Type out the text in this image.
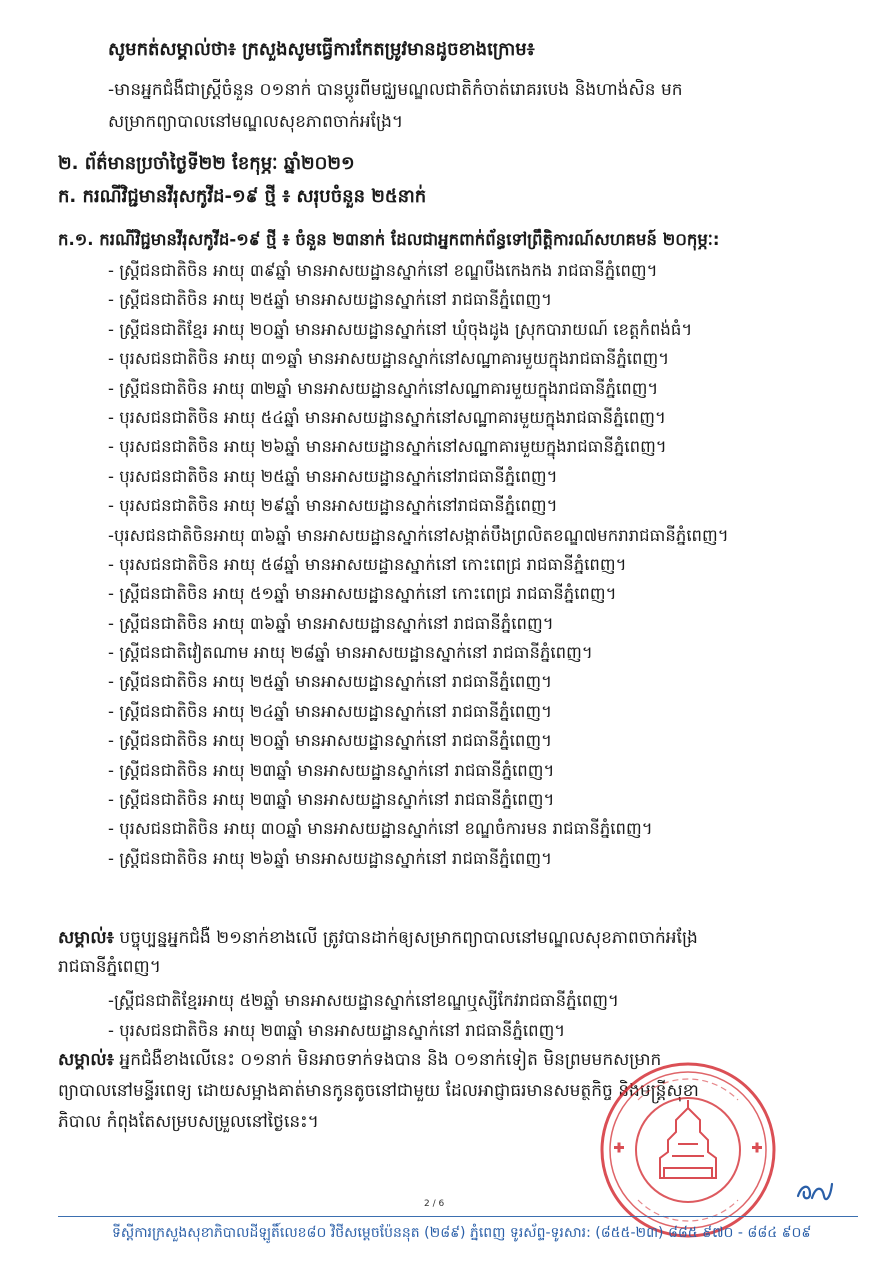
សូមកត់សម្គាល់ថា៖ ក្រសួងសូមធ្វើការកែតម្រូវមានដូចខាងក្រោម៖
-មានអ្នកជំងឺជាស្ត្រីចំនួន ០១នាក់ បានប្តូរពីមជ្ឈមណ្ឌលជាតិកំចាត់រោគរបេង និងហាង់សិន មក
សម្រាកព្យាបាលនៅមណ្ឌលសុខភាពចាក់អង្រែ។
២. ព័ត៌មានប្រចាំថ្ងៃទី២២ ខែកុម្ភៈ ឆ្នាំ២០២១
ក. ករណីវិជ្ជមានវីរុសកូវីដ-១៩ ថ្មី ៖ សរុបចំនួន ២៥នាក់
ក.១. ករណីវិជ្ជមានវីរុសកូវីដ-១៩ ថ្មី ៖ ចំនួន ២៣នាក់ ដែលជាអ្នកពាក់ព័ន្ធទៅព្រឹត្តិការណ៍សហគមន៍ ២០កុម្ភៈ:
- ស្ត្រីជនជាតិចិន អាយុ ៣៩ឆ្នាំ មានអាសយដ្ឋានស្នាក់នៅ ខណ្ឌបឹងកេងកង រាជធានីភ្នំពេញ។
- ស្ត្រីជនជាតិចិន អាយុ ២៥ឆ្នាំ មានអាសយដ្ឋានស្នាក់នៅ រាជធានីភ្នំពេញ។
- ស្ត្រីជនជាតិខ្មែរ អាយុ ២០ឆ្នាំ មានអាសយដ្ឋានស្នាក់នៅ ឃុំចុងដូង ស្រុកបារាយណ៍ ខេត្តកំពង់ធំ។
- បុរសជនជាតិចិន អាយុ ៣១ឆ្នាំ មានអាសយដ្ឋានស្នាក់នៅសណ្ឋាគារមួយក្នុងរាជធានីភ្នំពេញ។
- ស្ត្រីជនជាតិចិន អាយុ ៣២ឆ្នាំ មានអាសយដ្ឋានស្នាក់នៅសណ្ឋាគារមួយក្នុងរាជធានីភ្នំពេញ។
- បុរសជនជាតិចិន អាយុ ៥៤ឆ្នាំ មានអាសយដ្ឋានស្នាក់នៅសណ្ឋាគារមួយក្នុងរាជធានីភ្នំពេញ។
- បុរសជនជាតិចិន អាយុ ២៦ឆ្នាំ មានអាសយដ្ឋានស្នាក់នៅសណ្ឋាគារមួយក្នុងរាជធានីភ្នំពេញ។
- បុរសជនជាតិចិន អាយុ ២៥ឆ្នាំ មានអាសយដ្ឋានស្នាក់នៅរាជធានីភ្នំពេញ។
- បុរសជនជាតិចិន អាយុ ២៩ឆ្នាំ មានអាសយដ្ឋានស្នាក់នៅរាជធានីភ្នំពេញ។
-បុរសជនជាតិចិនអាយុ ៣៦ឆ្នាំ មានអាសយដ្ឋានស្នាក់នៅសង្កាត់បឹងព្រលិតខណ្ឌ៧មករារាជធានីភ្នំពេញ។
- បុរសជនជាតិចិន អាយុ ៥៨ឆ្នាំ មានអាសយដ្ឋានស្នាក់នៅ កោះពេជ្រ រាជធានីភ្នំពេញ។
- ស្ត្រីជនជាតិចិន អាយុ ៥១ឆ្នាំ មានអាសយដ្ឋានស្នាក់នៅ កោះពេជ្រ រាជធានីភ្នំពេញ។
- ស្ត្រីជនជាតិចិន អាយុ ៣៦ឆ្នាំ មានអាសយដ្ឋានស្នាក់នៅ រាជធានីភ្នំពេញ។
- ស្ត្រីជនជាតិវៀតណាម អាយុ ២៨ឆ្នាំ មានអាសយដ្ឋានស្នាក់នៅ រាជធានីភ្នំពេញ។
- ស្ត្រីជនជាតិចិន អាយុ ២៥ឆ្នាំ មានអាសយដ្ឋានស្នាក់នៅ រាជធានីភ្នំពេញ។
- ស្ត្រីជនជាតិចិន អាយុ ២៤ឆ្នាំ មានអាសយដ្ឋានស្នាក់នៅ រាជធានីភ្នំពេញ។
- ស្ត្រីជនជាតិចិន អាយុ ២០ឆ្នាំ មានអាសយដ្ឋានស្នាក់នៅ រាជធានីភ្នំពេញ។
- ស្ត្រីជនជាតិចិន អាយុ ២៣ឆ្នាំ មានអាសយដ្ឋានស្នាក់នៅ រាជធានីភ្នំពេញ។
- ស្ត្រីជនជាតិចិន អាយុ ២៣ឆ្នាំ មានអាសយដ្ឋានស្នាក់នៅ រាជធានីភ្នំពេញ។
- បុរសជនជាតិចិន អាយុ ៣០ឆ្នាំ មានអាសយដ្ឋានស្នាក់នៅ ខណ្ឌចំការមន រាជធានីភ្នំពេញ។
- ស្ត្រីជនជាតិចិន អាយុ ២៦ឆ្នាំ មានអាសយដ្ឋានស្នាក់នៅ រាជធានីភ្នំពេញ។
សម្គាល់៖ បច្ចុប្បន្នអ្នកជំងឺ ២១នាក់ខាងលើ ត្រូវបានដាក់ឲ្យសម្រាកព្យាបាលនៅមណ្ឌលសុខភាពចាក់អង្រែ
រាជធានីភ្នំពេញ។
-ស្ត្រីជនជាតិខ្មែរអាយុ ៥២ឆ្នាំ មានអាសយដ្ឋានស្នាក់នៅខណ្ឌឬស្សីកែវរាជធានីភ្នំពេញ។
- បុរសជនជាតិចិន អាយុ ២៣ឆ្នាំ មានអាសយដ្ឋានស្នាក់នៅ រាជធានីភ្នំពេញ។
សម្គាល់៖ អ្នកជំងឺខាងលើនេះ ០១នាក់ មិនអាចទាក់ទងបាន និង ០១នាក់ទៀត មិនព្រមមកសម្រាក
ព្យាបាលនៅមន្ទីរពេទ្យ ដោយសម្អាងគាត់មានកូនតូចនៅជាមួយ ដែលអាជ្ញាធរមានសមត្ថកិច្ច និងមន្ត្រីសុខា
ភិបាល កំពុងតែសម្របសម្រួលនៅថ្ងៃនេះ។
2 / 6
ទីស្តីការក្រសួងសុខាភិបាលដីឡូតិ៍លេខ៨០ វិថីសម្តេចប៉ែននុត (២៨៩) ភ្នំពេញ ទូរស័ព្ទ-ទូរសារ: (៨៥៥-២៣) ៨៨៥ ៩៧០ - ៨៨៤ ៩០៩
